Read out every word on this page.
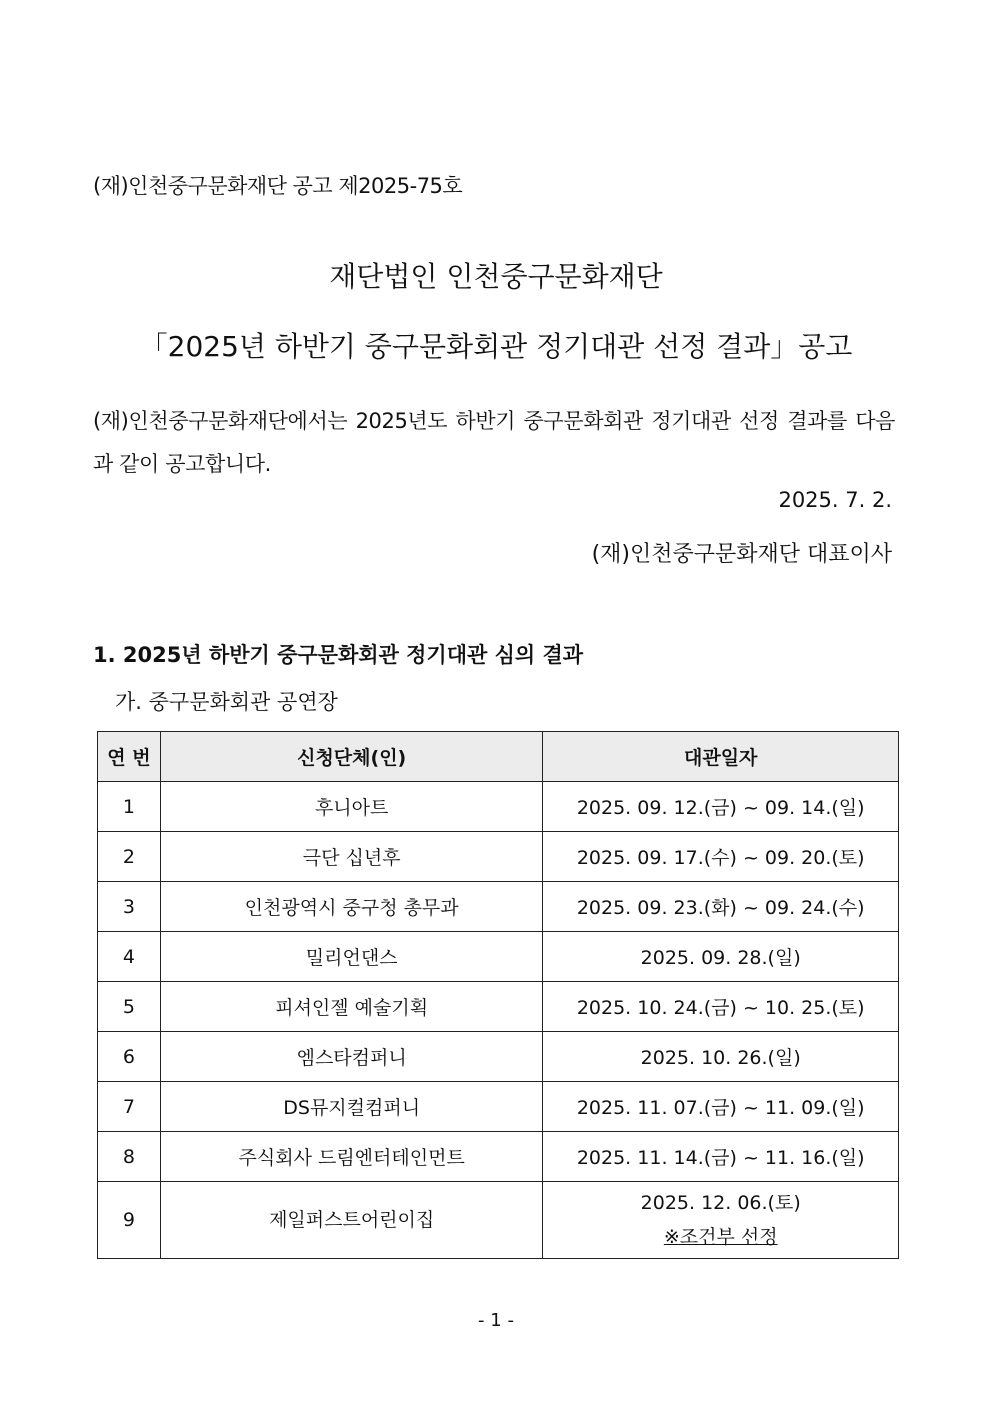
(재)인천중구문화재단 공고 제2025-75호
재단법인 인천중구문화재단
「2025년 하반기 중구문화회관 정기대관 선정 결과」공고
(재)인천중구문화재단에서는 2025년도 하반기 중구문화회관 정기대관 선정 결과를 다음과 같이 공고합니다.
2025. 7. 2.
(재)인천중구문화재단 대표이사
1. 2025년 하반기 중구문화회관 정기대관 심의 결과
가. 중구문화회관 공연장
연 번	신청단체(인)	대관일자
1	후니아트	2025. 09. 12.(금) ~ 09. 14.(일)
2	극단 십년후	2025. 09. 17.(수) ~ 09. 20.(토)
3	인천광역시 중구청 총무과	2025. 09. 23.(화) ~ 09. 24.(수)
4	밀리언댄스	2025. 09. 28.(일)
5	피셔인젤 예술기획	2025. 10. 24.(금) ~ 10. 25.(토)
6	엠스타컴퍼니	2025. 10. 26.(일)
7	DS뮤지컬컴퍼니	2025. 11. 07.(금) ~ 11. 09.(일)
8	주식회사 드림엔터테인먼트	2025. 11. 14.(금) ~ 11. 16.(일)
9	제일퍼스트어린이집	2025. 12. 06.(토)
※조건부 선정
- 1 -
